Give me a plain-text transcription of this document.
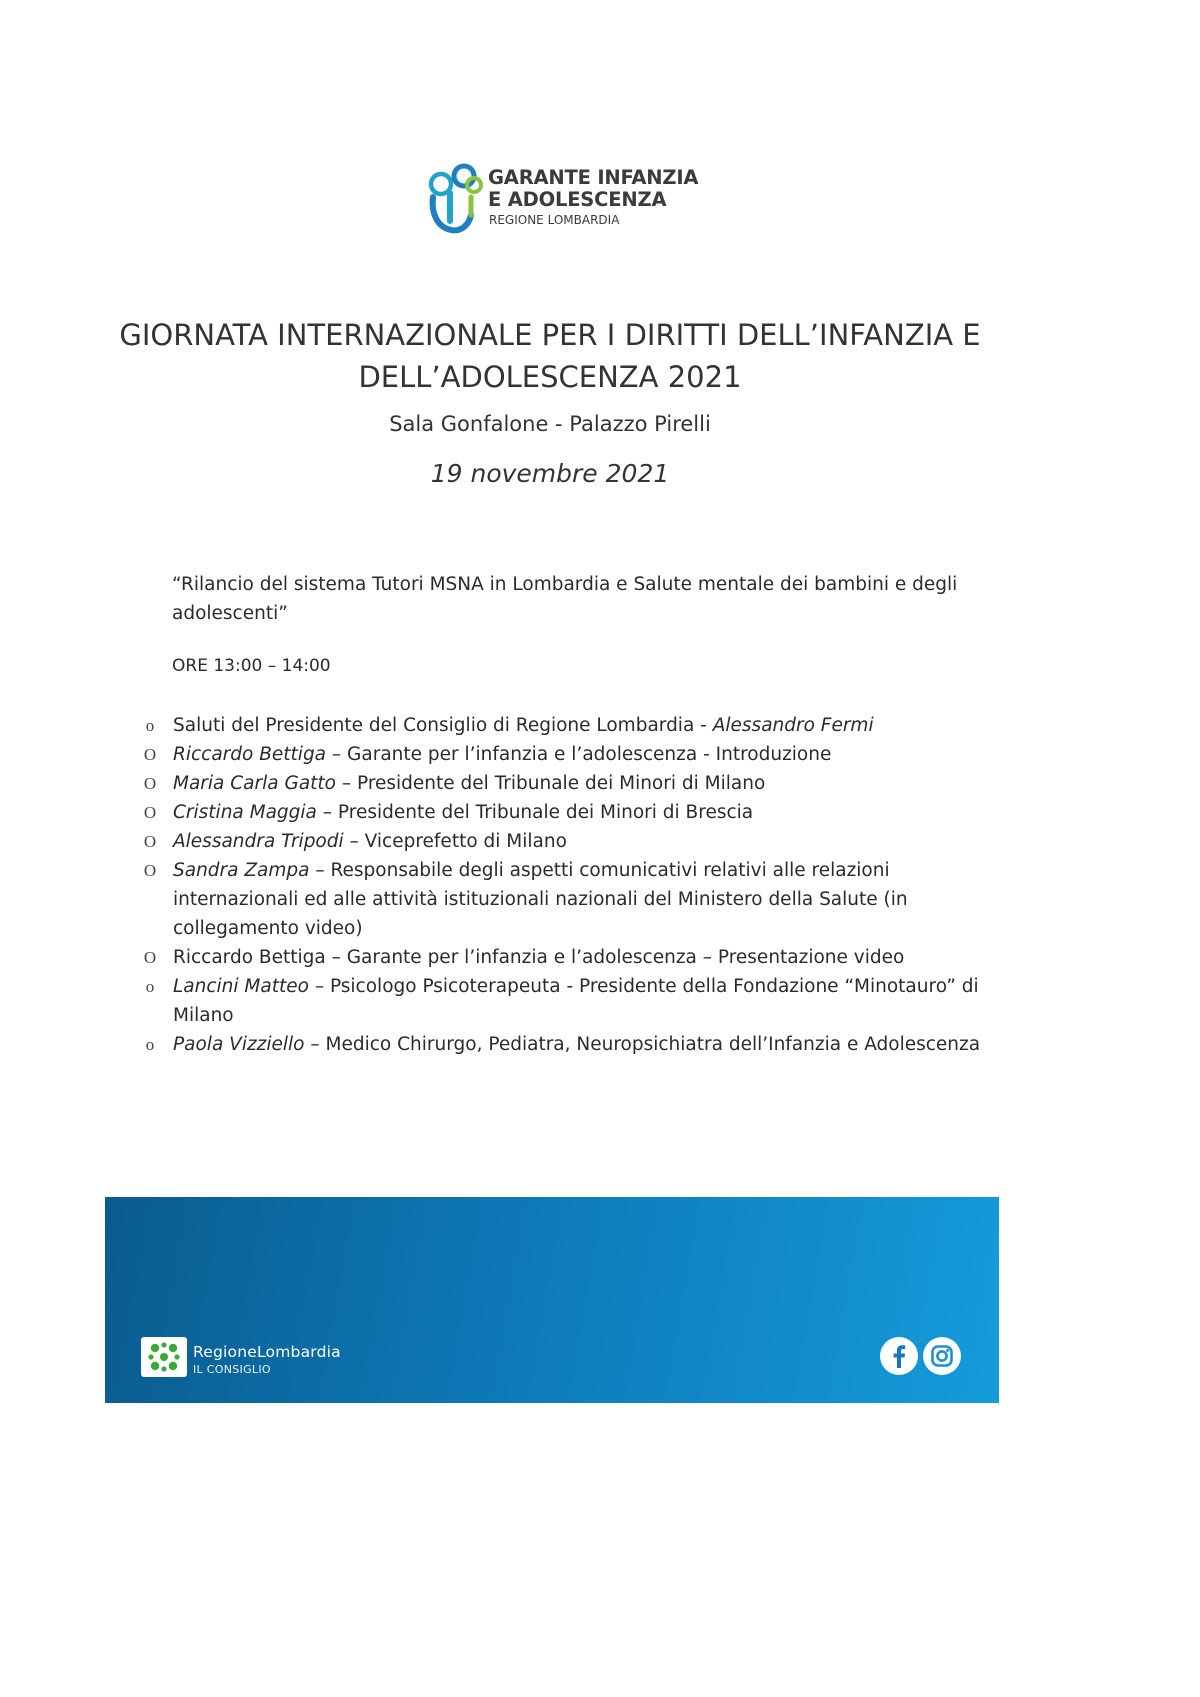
GARANTE INFANZIA
E ADOLESCENZA
REGIONE LOMBARDIA
GIORNATA INTERNAZIONALE PER I DIRITTI DELL’INFANZIA E DELL’ADOLESCENZA 2021
Sala Gonfalone - Palazzo Pirelli
19 novembre 2021
“Rilancio del sistema Tutori MSNA in Lombardia e Salute mentale dei bambini e degli adolescenti”
ORE 13:00 – 14:00
o	Saluti del Presidente del Consiglio di Regione Lombardia - Alessandro Fermi
O Riccardo Bettiga – Garante per l’infanzia e l’adolescenza - Introduzione
O Maria Carla Gatto – Presidente del Tribunale dei Minori di Milano
O Cristina Maggia – Presidente del Tribunale dei Minori di Brescia
O Alessandra Tripodi – Viceprefetto di Milano
O Sandra Zampa – Responsabile degli aspetti comunicativi relativi alle relazioni internazionali ed alle attività istituzionali nazionali del Ministero della Salute (in collegamento video)
O Riccardo Bettiga – Garante per l’infanzia e l’adolescenza – Presentazione video
o	Lancini Matteo – Psicologo Psicoterapeuta - Presidente della Fondazione “Minotauro” di Milano
o	Paola Vizziello – Medico Chirurgo, Pediatra, Neuropsichiatra dell’Infanzia e Adolescenza
RegioneLombardia
IL CONSIGLIO
